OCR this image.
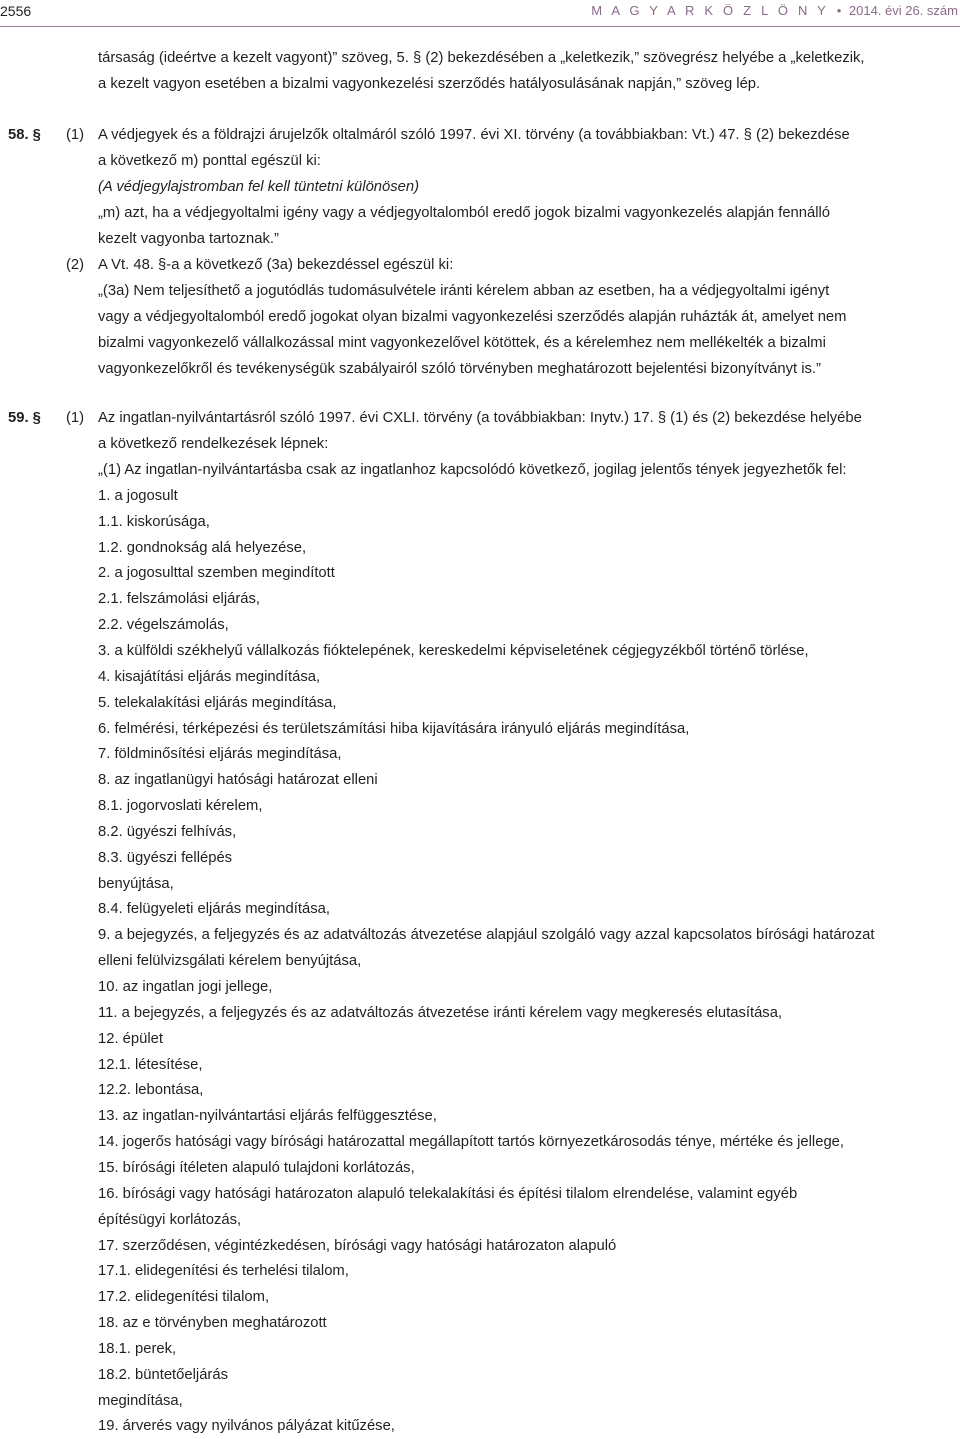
2556	M A G Y A R K Ö Z L Ö N Y • 2014. évi 26. szám

társaság (ideértve a kezelt vagyont)” szöveg, 5. § (2) bekezdésében a „keletkezik,” szövegrész helyébe a „keletkezik,

a kezelt vagyon esetében a bizalmi vagyonkezelési szerződés hatályosulásának napján,” szöveg lép.

58. § (1) A védjegyek és a földrajzi árujelzők oltalmáról szóló 1997. évi XI. törvény (a továbbiakban: Vt.) 47. § (2) bekezdése

a következő m) ponttal egészül ki:

(A védjegylajstromban fel kell tüntetni különösen)

„m) azt, ha a védjegyoltalmi igény vagy a védjegyoltalomból eredő jogok bizalmi vagyonkezelés alapján fennálló

kezelt vagyonba tartoznak.”

(2) A Vt. 48. §-a a következő (3a) bekezdéssel egészül ki:

„(3a) Nem teljesíthető a jogutódlás tudomásulvétele iránti kérelem abban az esetben, ha a védjegyoltalmi igényt

vagy a védjegyoltalomból eredő jogokat olyan bizalmi vagyonkezelési szerződés alapján ruházták át, amelyet nem

bizalmi vagyonkezelő vállalkozással mint vagyonkezelővel kötöttek, és a kérelemhez nem mellékelték a bizalmi

vagyonkezelőkről és tevékenységük szabályairól szóló törvényben meghatározott bejelentési bizonyítványt is.”

59. § (1) Az ingatlan-nyilvántartásról szóló 1997. évi CXLI. törvény (a továbbiakban: Inytv.) 17. § (1) és (2) bekezdése helyébe

a következő rendelkezések lépnek:

„(1) Az ingatlan-nyilvántartásba csak az ingatlanhoz kapcsolódó következő, jogilag jelentős tények jegyezhetők fel:

1. a jogosult

1.1. kiskorúsága,

1.2. gondnokság alá helyezése,

2. a jogosulttal szemben megindított

2.1. felszámolási eljárás,

2.2. végelszámolás,

3. a külföldi székhelyű vállalkozás fióktelepének, kereskedelmi képviseletének cégjegyzékből történő törlése,

4. kisajátítási eljárás megindítása,

5. telekalakítási eljárás megindítása,

6. felmérési, térképezési és területszámítási hiba kijavítására irányuló eljárás megindítása,

7. földminősítési eljárás megindítása,

8. az ingatlanügyi hatósági határozat elleni

8.1. jogorvoslati kérelem,

8.2. ügyészi felhívás,

8.3. ügyészi fellépés

benyújtása,

8.4. felügyeleti eljárás megindítása,

9. a bejegyzés, a feljegyzés és az adatváltozás átvezetése alapjául szolgáló vagy azzal kapcsolatos bírósági határozat

elleni felülvizsgálati kérelem benyújtása,

10. az ingatlan jogi jellege,

11. a bejegyzés, a feljegyzés és az adatváltozás átvezetése iránti kérelem vagy megkeresés elutasítása,

12. épület

12.1. létesítése,

12.2. lebontása,

13. az ingatlan-nyilvántartási eljárás felfüggesztése,

14. jogerős hatósági vagy bírósági határozattal megállapított tartós környezetkárosodás ténye, mértéke és jellege,

15. bírósági ítéleten alapuló tulajdoni korlátozás,

16. bírósági vagy hatósági határozaton alapuló telekalakítási és építési tilalom elrendelése, valamint egyéb

építésügyi korlátozás,

17. szerződésen, végintézkedésen, bírósági vagy hatósági határozaton alapuló

17.1. elidegenítési és terhelési tilalom,

17.2. elidegenítési tilalom,

18. az e törvényben meghatározott

18.1. perek,

18.2. büntetőeljárás

megindítása,

19. árverés vagy nyilvános pályázat kitűzése,
